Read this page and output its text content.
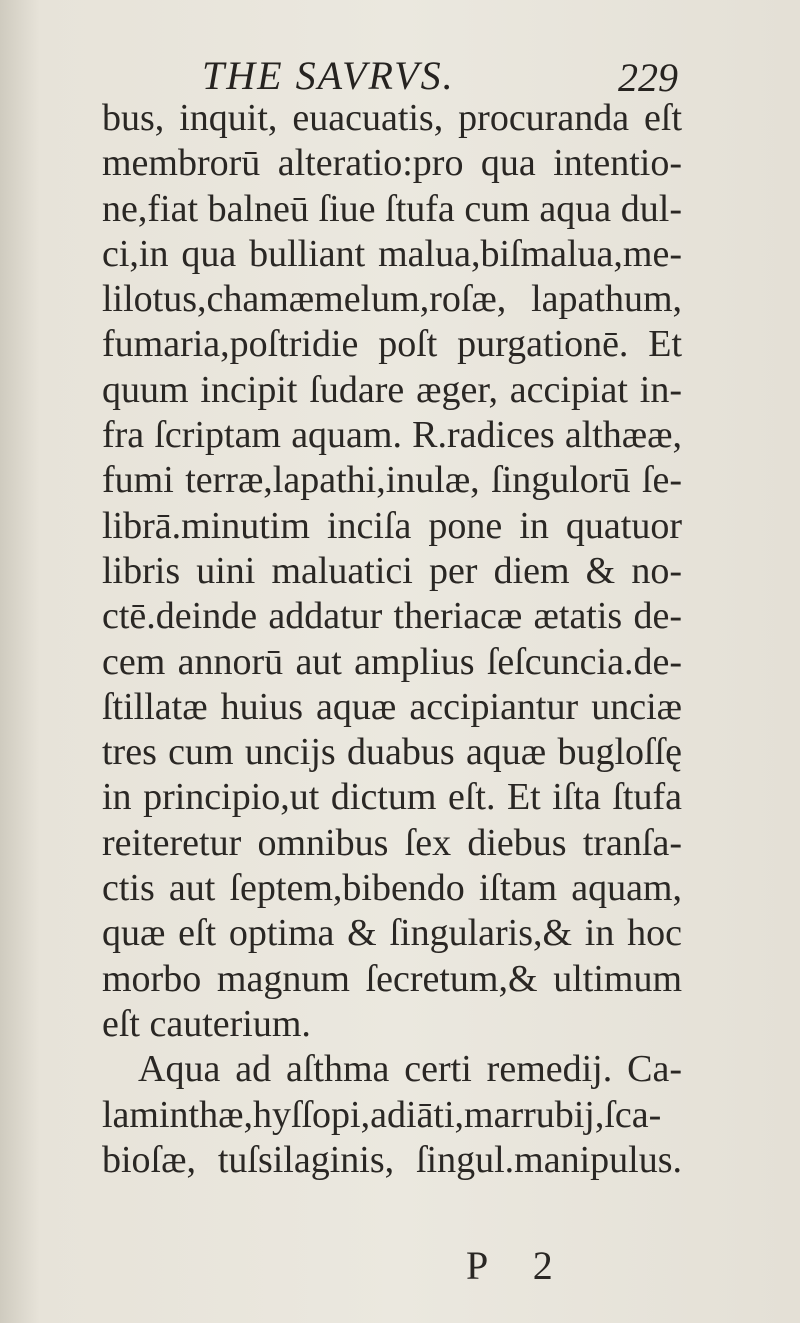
THE SAVRVS.	229
bus, inquit, euacuatis, procuranda eſt
membrorū alteratio:pro qua intentio-
ne,fiat balneū ſiue ſtufa cum aqua dul-
ci,in qua bulliant malua,biſmalua,me-
lilotus,chamæmelum,roſæ, lapathum,
fumaria,poſtridie poſt purgationē. Et
quum incipit ſudare æger, accipiat in-
fra ſcriptam aquam. R.radices althææ,
fumi terræ,lapathi,inulæ, ſingulorū ſe-
librā.minutim inciſa pone in quatuor
libris uini maluatici per diem & no-
ctē.deinde addatur theriacæ ætatis de-
cem annorū aut amplius ſeſcuncia.de-
ſtillatæ huius aquæ accipiantur unciæ
tres cum uncijs duabus aquæ bugloſſę
in principio,ut dictum eſt. Et iſta ſtufa
reiteretur omnibus ſex diebus tranſa-
ctis aut ſeptem,bibendo iſtam aquam,
quæ eſt optima & ſingularis,& in hoc
morbo magnum ſecretum,& ultimum
eſt cauterium.
Aqua ad aſthma certi remedij. Ca-
laminthæ,hyſſopi,adiāti,marrubij,ſca-
bioſæ, tuſsilaginis, ſingul.manipulus.
P 2
